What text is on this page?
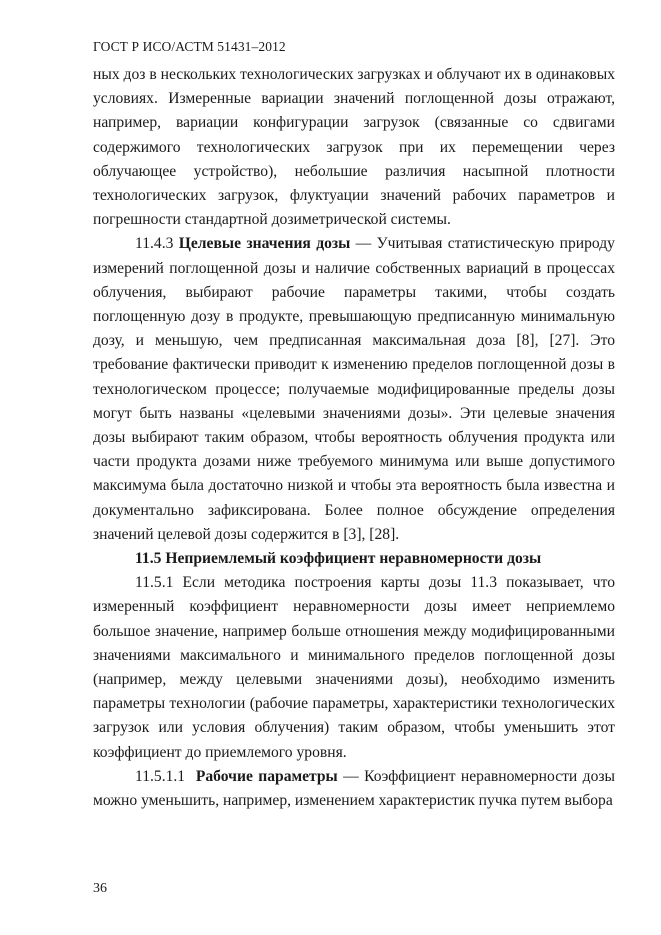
ГОСТ Р ИСО/АСТМ 51431–2012

ных доз в нескольких технологических загрузках и облучают их в одинаковых условиях. Измеренные вариации значений поглощенной дозы отражают, например, вариации конфигурации загрузок (связанные со сдвигами содержимого технологических загрузок при их перемещении через облучающее устройство), небольшие различия насыпной плотности технологических загрузок, флуктуации значений рабочих параметров и погрешности стандартной дозиметрической системы.

11.4.3 Целевые значения дозы — Учитывая статистическую природу измерений поглощенной дозы и наличие собственных вариаций в процессах облучения, выбирают рабочие параметры такими, чтобы создать поглощенную дозу в продукте, превышающую предписанную минимальную дозу, и меньшую, чем предписанная максимальная доза [8], [27]. Это требование фактически приводит к изменению пределов поглощенной дозы в технологическом процессе; получаемые модифицированные пределы дозы могут быть названы «целевыми значениями дозы». Эти целевые значения дозы выбирают таким образом, чтобы вероятность облучения продукта или части продукта дозами ниже требуемого минимума или выше допустимого максимума была достаточно низкой и чтобы эта вероятность была известна и документально зафиксирована. Более полное обсуждение определения значений целевой дозы содержится в [3], [28].

11.5 Неприемлемый коэффициент неравномерности дозы

11.5.1 Если методика построения карты дозы 11.3 показывает, что измеренный коэффициент неравномерности дозы имеет неприемлемо большое значение, например больше отношения между модифицированными значениями максимального и минимального пределов поглощенной дозы (например, между целевыми значениями дозы), необходимо изменить параметры технологии (рабочие параметры, характеристики технологических загрузок или условия облучения) таким образом, чтобы уменьшить этот коэффициент до приемлемого уровня.

11.5.1.1 Рабочие параметры — Коэффициент неравномерности дозы можно уменьшить, например, изменением характеристик пучка путем выбора

36
